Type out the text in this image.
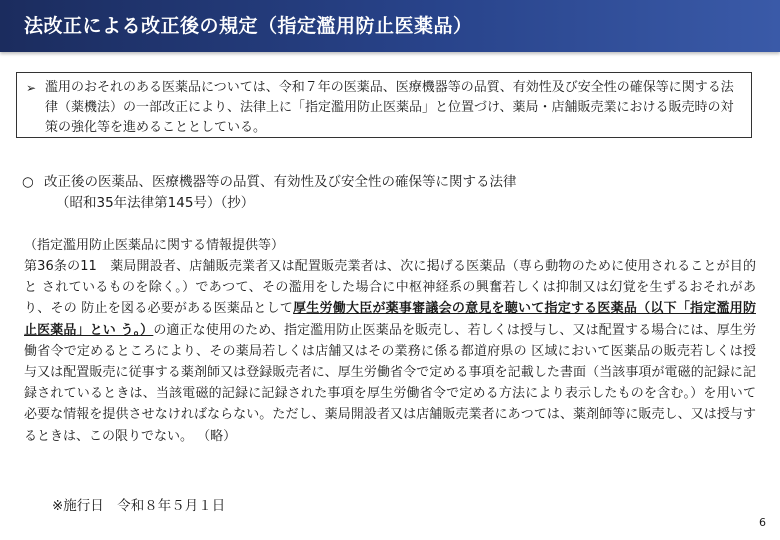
法改正による改正後の規定（指定濫用防止医薬品）
➢ 濫用のおそれのある医薬品については、令和７年の医薬品、医療機器等の品質、有効性及び安全性の確保等に関する法律（薬機法）の一部改正により、法律上に「指定濫用防止医薬品」と位置づけ、薬局・店舗販売業における販売時の対策の強化等を進めることとしている。
○ 改正後の医薬品、医療機器等の品質、有効性及び安全性の確保等に関する法律
（昭和35年法律第145号）（抄）
（指定濫用防止医薬品に関する情報提供等）
第36条の11　薬局開設者、店舗販売業者又は配置販売業者は、次に掲げる医薬品（専ら動物のために使用されることが目的と されているものを除く。）であつて、その濫用をした場合に中枢神経系の興奮若しくは抑制又は幻覚を生ずるおそれがあり、その 防止を図る必要がある医薬品として厚生労働大臣が薬事審議会の意見を聴いて指定する医薬品（以下「指定濫用防止医薬品」とい う。）の適正な使用のため、指定濫用防止医薬品を販売し、若しくは授与し、又は配置する場合には、厚生労働省令で定めるところにより、その薬局若しくは店舗又はその業務に係る都道府県の 区域において医薬品の販売若しくは授与又は配置販売に従事する薬剤師又は登録販売者に、厚生労働省令で定める事項を記載した書面（当該事項が電磁的記録に記録されているときは、当該電磁的記録に記録された事項を厚生労働省令で定める方法により表示したものを含む。）を用いて必要な情報を提供させなければならない。ただし、薬局開設者又は店舗販売業者にあつては、薬剤師等に販売し、又は授与するときは、この限りでない。 （略）
※施行日　令和８年５月１日
6
